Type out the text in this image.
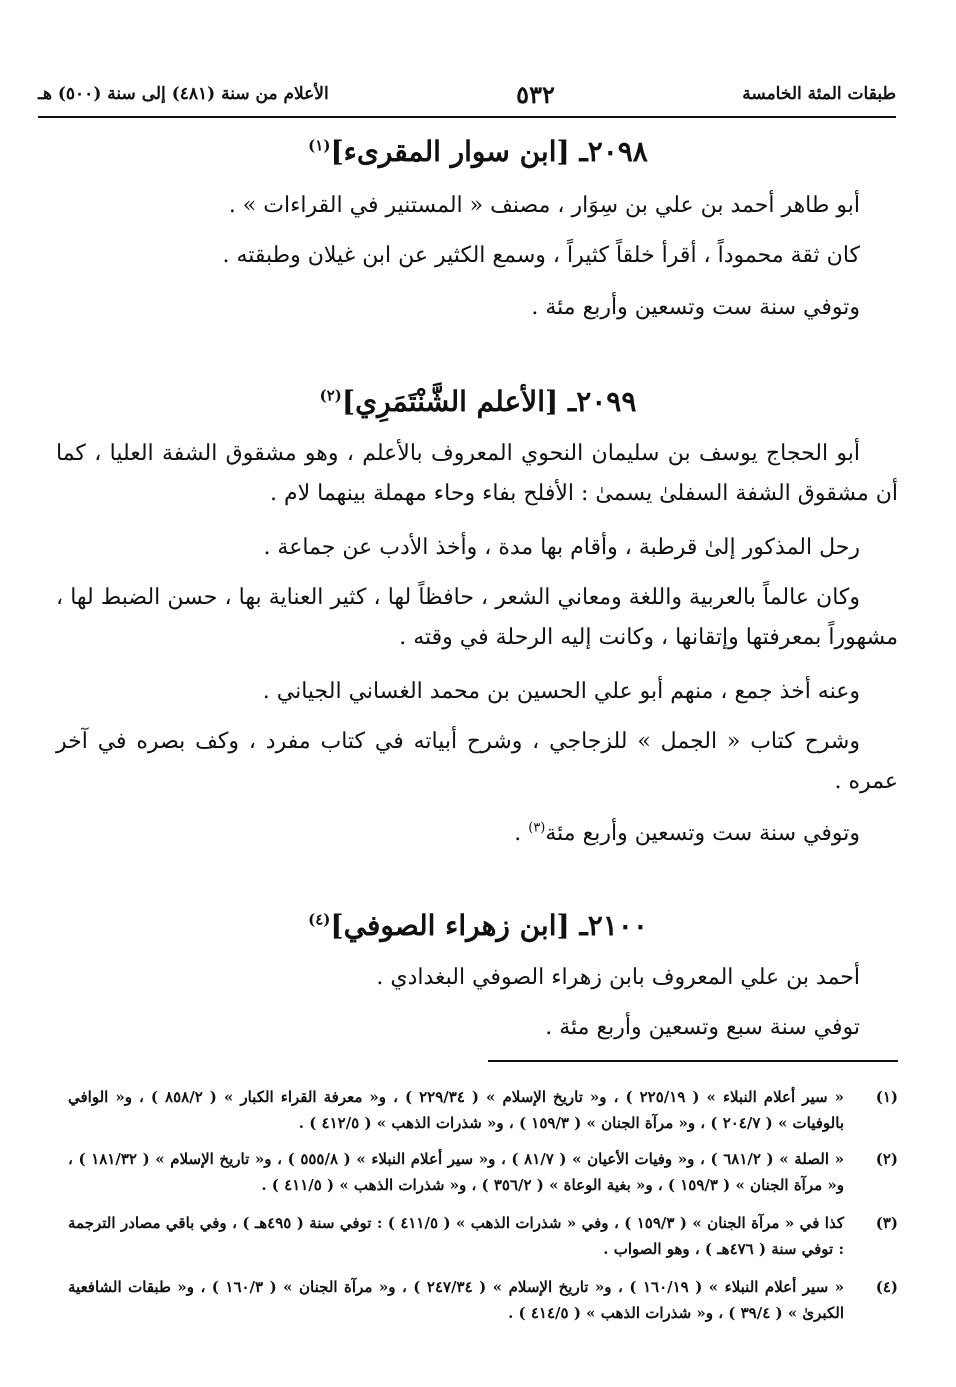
طبقات المئة الخامسة
٥٣٢
الأعلام من سنة (٤٨١) إلى سنة (٥٠٠) هـ
٢٠٩٨ـ [ابن سوار المقرىء]$^{(١)}$
أبو طاهر أحمد بن علي بن سِوَار ، مصنف « المستنير في القراءات » .
كان ثقة محموداً ، أقرأ خلقاً كثيراً ، وسمع الكثير عن ابن غيلان وطبقته .
وتوفي سنة ست وتسعين وأربع مئة .
٢٠٩٩ـ [الأعلم الشَّنْتَمَرِي]$^{(٢)}$
أبو الحجاج يوسف بن سليمان النحوي المعروف بالأعلم ، وهو مشقوق الشفة العليا ، كما أن مشقوق الشفة السفلىٰ يسمىٰ : الأفلح بفاء وحاء مهملة بينهما لام .
رحل المذكور إلىٰ قرطبة ، وأقام بها مدة ، وأخذ الأدب عن جماعة .
وكان عالماً بالعربية واللغة ومعاني الشعر ، حافظاً لها ، كثير العناية بها ، حسن الضبط لها ، مشهوراً بمعرفتها وإتقانها ، وكانت إليه الرحلة في وقته .
وعنه أخذ جمع ، منهم أبو علي الحسين بن محمد الغساني الجياني .
وشرح كتاب « الجمل » للزجاجي ، وشرح أبياته في كتاب مفرد ، وكف بصره في آخر عمره .
وتوفي سنة ست وتسعين وأربع مئة$^{(٣)}$ .
٢١٠٠ـ [ابن زهراء الصوفي]$^{(٤)}$
أحمد بن علي المعروف بابن زهراء الصوفي البغدادي .
توفي سنة سبع وتسعين وأربع مئة .
(١)
« سير أعلام النبلاء » ( ٢٢٥/١٩ ) ، و« تاريخ الإسلام » ( ٢٢٩/٣٤ ) ، و« معرفة القراء الكبار » ( ٨٥٨/٢ ) ، و« الوافي بالوفيات » ( ٢٠٤/٧ ) ، و« مرآة الجنان » ( ١٥٩/٣ ) ، و« شذرات الذهب » ( ٤١٢/٥ ) .
(٢)
« الصلة » ( ٦٨١/٢ ) ، و« وفيات الأعيان » ( ٨١/٧ ) ، و« سير أعلام النبلاء » ( ٥٥٥/٨ ) ، و« تاريخ الإسلام » ( ١٨١/٣٢ ) ، و« مرآة الجنان » ( ١٥٩/٣ ) ، و« بغية الوعاة » ( ٣٥٦/٢ ) ، و« شذرات الذهب » ( ٤١١/٥ ) .
(٣)
كذا في « مرآة الجنان » ( ١٥٩/٣ ) ، وفي « شذرات الذهب » ( ٤١١/٥ ) : توفي سنة ( ٤٩٥هـ ) ، وفي باقي مصادر الترجمة : توفي سنة ( ٤٧٦هـ ) ، وهو الصواب .
(٤)
« سير أعلام النبلاء » ( ١٦٠/١٩ ) ، و« تاريخ الإسلام » ( ٢٤٧/٣٤ ) ، و« مرآة الجنان » ( ١٦٠/٣ ) ، و« طبقات الشافعية الكبرىٰ » ( ٣٩/٤ ) ، و« شذرات الذهب » ( ٤١٤/٥ ) .
